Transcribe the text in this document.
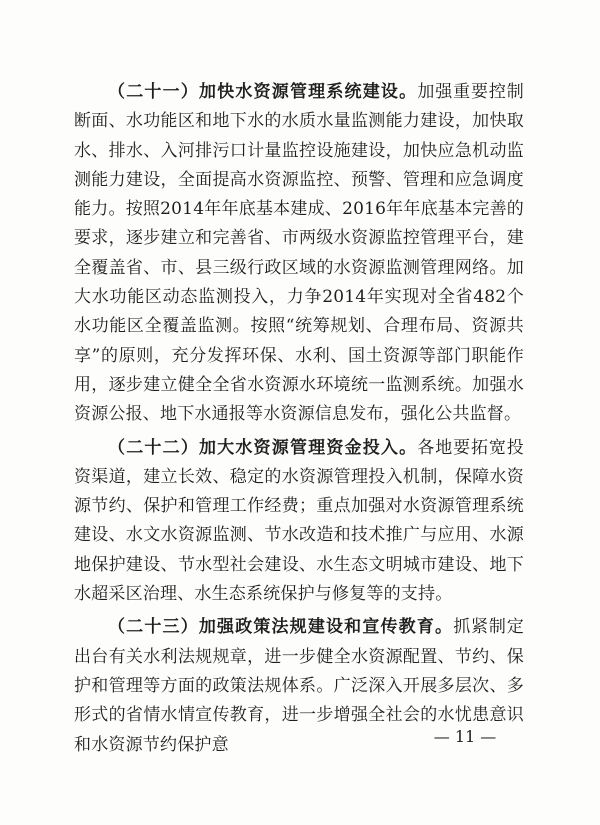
（二十一）加快水资源管理系统建设。加强重要控制断面、水功能区和地下水的水质水量监测能力建设，加快取水、排水、入河排污口计量监控设施建设，加快应急机动监测能力建设，全面提高水资源监控、预警、管理和应急调度能力。按照2014年年底基本建成、2016年年底基本完善的要求，逐步建立和完善省、市两级水资源监控管理平台，建全覆盖省、市、县三级行政区域的水资源监测管理网络。加大水功能区动态监测投入，力争2014年实现对全省482个水功能区全覆盖监测。按照“统筹规划、合理布局、资源共享”的原则，充分发挥环保、水利、国土资源等部门职能作用，逐步建立健全全省水资源水环境统一监测系统。加强水资源公报、地下水通报等水资源信息发布，强化公共监督。

（二十二）加大水资源管理资金投入。各地要拓宽投资渠道，建立长效、稳定的水资源管理投入机制，保障水资源节约、保护和管理工作经费；重点加强对水资源管理系统建设、水文水资源监测、节水改造和技术推广与应用、水源地保护建设、节水型社会建设、水生态文明城市建设、地下水超采区治理、水生态系统保护与修复等的支持。

（二十三）加强政策法规建设和宣传教育。抓紧制定出台有关水利法规规章，进一步健全水资源配置、节约、保护和管理等方面的政策法规体系。广泛深入开展多层次、多形式的省情水情宣传教育，进一步增强全社会的水忧患意识和水资源节约保护意	— 11 —
